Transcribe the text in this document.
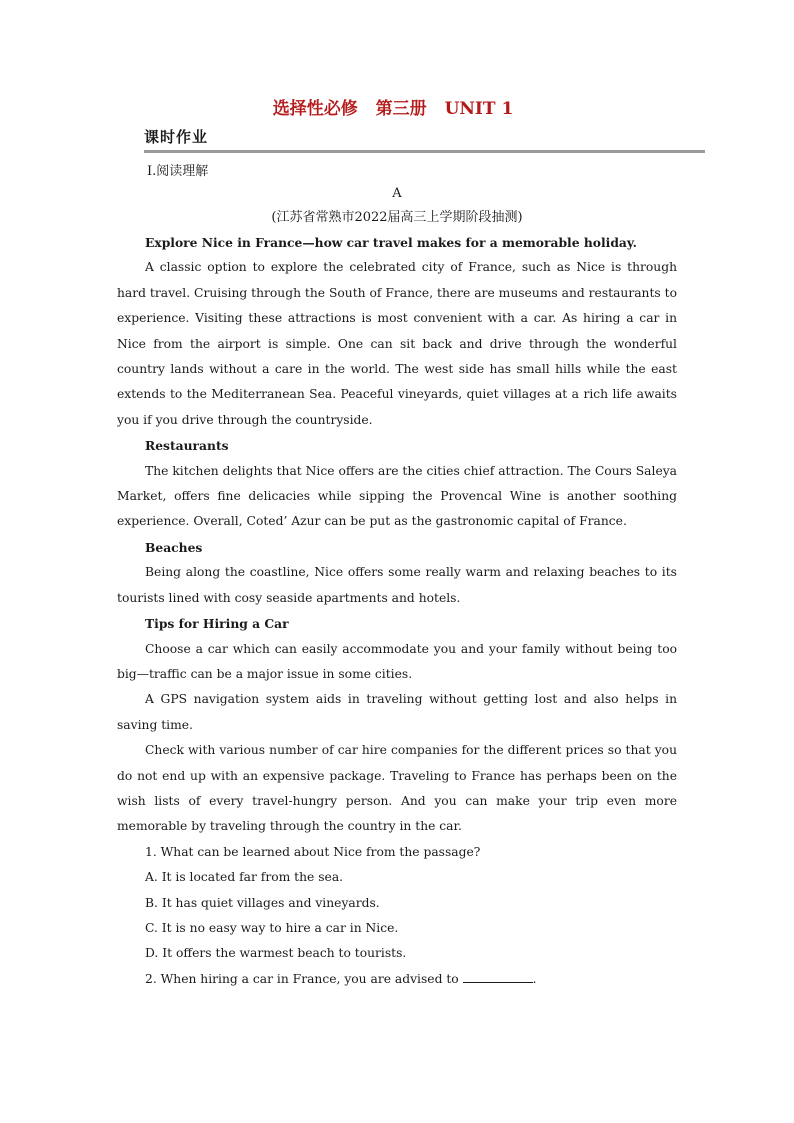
选择性必修 第三册 UNIT 1
课时作业
Ⅰ.阅读理解
A
(江苏省常熟市2022届高三上学期阶段抽测)
Explore Nice in France—how car travel makes for a memorable holiday.
A classic option to explore the celebrated city of France, such as Nice is through hard travel. Cruising through the South of France, there are museums and restaurants to experience. Visiting these attractions is most convenient with a car. As hiring a car in Nice from the airport is simple. One can sit back and drive through the wonderful country lands without a care in the world. The west side has small hills while the east extends to the Mediterranean Sea. Peaceful vineyards, quiet villages at a rich life awaits you if you drive through the countryside.
Restaurants
The kitchen delights that Nice offers are the cities chief attraction. The Cours Saleya Market, offers fine delicacies while sipping the Provencal Wine is another soothing experience. Overall, Coted’ Azur can be put as the gastronomic capital of France.
Beaches
Being along the coastline, Nice offers some really warm and relaxing beaches to its tourists lined with cosy seaside apartments and hotels.
Tips for Hiring a Car
Choose a car which can easily accommodate you and your family without being too big—traffic can be a major issue in some cities.
A GPS navigation system aids in traveling without getting lost and also helps in saving time.
Check with various number of car hire companies for the different prices so that you do not end up with an expensive package. Traveling to France has perhaps been on the wish lists of every travel-hungry person. And you can make your trip even more memorable by traveling through the country in the car.
1. What can be learned about Nice from the passage?
A. It is located far from the sea.
B. It has quiet villages and vineyards.
C. It is no easy way to hire a car in Nice.
D. It offers the warmest beach to tourists.
2. When hiring a car in France, you are advised to	.
